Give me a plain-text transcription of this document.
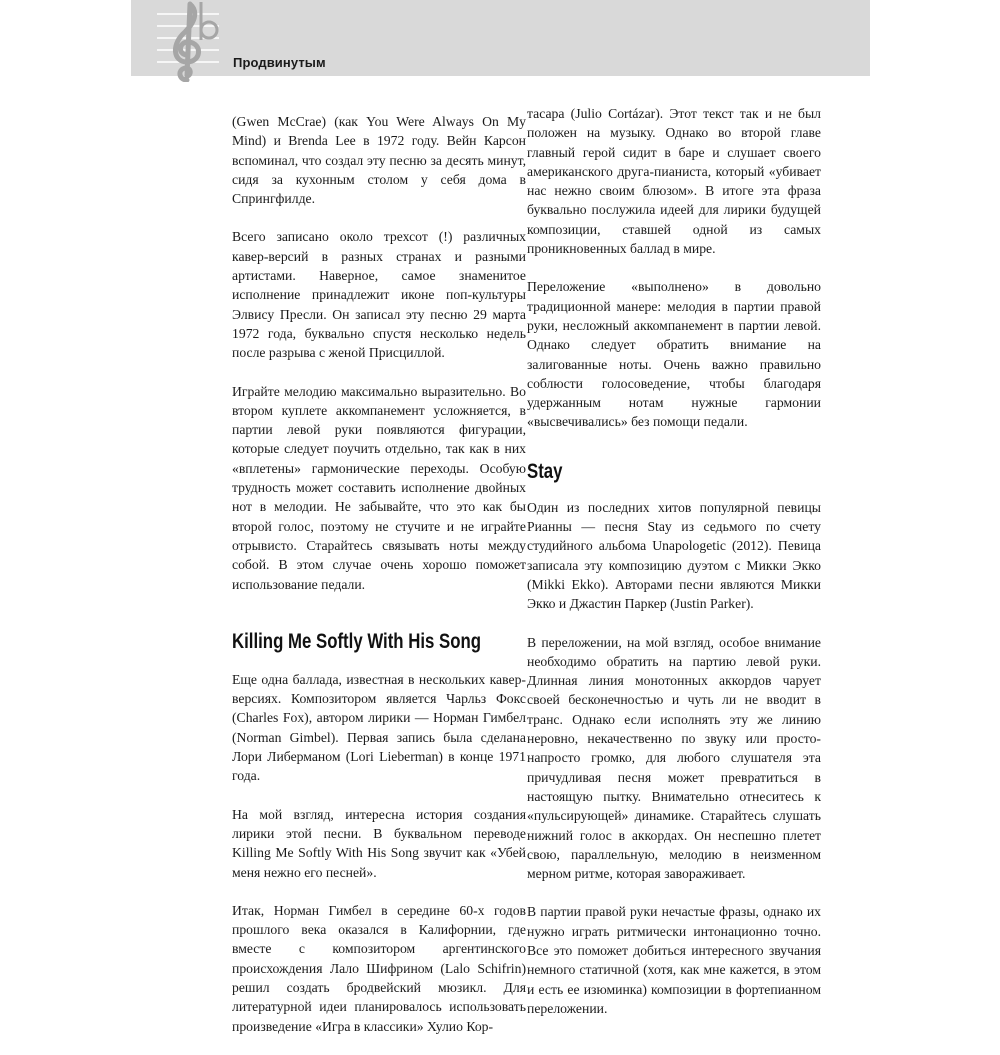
Продвинутым

(Gwen McCrae) (как You Were Always On My Mind) и Brenda Lee в 1972 году. Вейн Карсон вспоминал, что создал эту песню за десять минут, сидя за кухонным столом у себя дома в Спрингфилде.

Всего записано около трехсот (!) различных кавер-версий в разных странах и разными артистами. Наверное, самое знаменитое исполнение принадлежит иконе поп-культуры Элвису Пресли. Он записал эту песню 29 марта 1972 года, буквально спустя несколько недель после разрыва с женой Присциллой.

Играйте мелодию максимально выразительно. Во втором куплете аккомпанемент усложняется, в партии левой руки появляются фигурации, которые следует поучить отдельно, так как в них «вплетены» гармонические переходы. Особую трудность может составить исполнение двойных нот в мелодии. Не забывайте, что это как бы второй голос, поэтому не стучите и не играйте отрывисто. Старайтесь связывать ноты между собой. В этом случае очень хорошо поможет использование педали.

Killing Me Softly With His Song

Еще одна баллада, известная в нескольких кавер-версиях. Композитором является Чарльз Фокс (Charles Fox), автором лирики — Норман Гимбел (Norman Gimbel). Первая запись была сделана Лори Либерманом (Lori Lieberman) в конце 1971 года.

На мой взгляд, интересна история создания лирики этой песни. В буквальном переводе Killing Me Softly With His Song звучит как «Убей меня нежно его песней».

Итак, Норман Гимбел в середине 60-х годов прошлого века оказался в Калифорнии, где вместе с композитором аргентинского происхождения Лало Шифрином (Lalo Schifrin) решил создать бродвейский мюзикл. Для литературной идеи планировалось использовать произведение «Игра в классики» Хулио Кор-

тасара (Julio Cortázar). Этот текст так и не был положен на музыку. Однако во второй главе главный герой сидит в баре и слушает своего американского друга-пианиста, который «убивает нас нежно своим блюзом». В итоге эта фраза буквально послужила идеей для лирики будущей композиции, ставшей одной из самых проникновенных баллад в мире.

Переложение «выполнено» в довольно традиционной манере: мелодия в партии правой руки, несложный аккомпанемент в партии левой. Однако следует обратить внимание на залигованные ноты. Очень важно правильно соблюсти голосоведение, чтобы благодаря удержанным нотам нужные гармонии «высвечивались» без помощи педали.

Stay

Один из последних хитов популярной певицы Рианны — песня Stay из седьмого по счету студийного альбома Unapologetic (2012). Певица записала эту композицию дуэтом с Микки Экко (Mikki Ekko). Авторами песни являются Микки Экко и Джастин Паркер (Justin Parker).

В переложении, на мой взгляд, особое внимание необходимо обратить на партию левой руки. Длинная линия монотонных аккордов чарует своей бесконечностью и чуть ли не вводит в транс. Однако если исполнять эту же линию неровно, некачественно по звуку или просто-напросто громко, для любого слушателя эта причудливая песня может превратиться в настоящую пытку. Внимательно отнеситесь к «пульсирующей» динамике. Старайтесь слушать нижний голос в аккордах. Он неспешно плетет свою, параллельную, мелодию в неизменном мерном ритме, которая завораживает.

В партии правой руки нечастые фразы, однако их нужно играть ритмически интонационно точно. Все это поможет добиться интересного звучания немного статичной (хотя, как мне кажется, в этом и есть ее изюминка) композиции в фортепианном переложении.
